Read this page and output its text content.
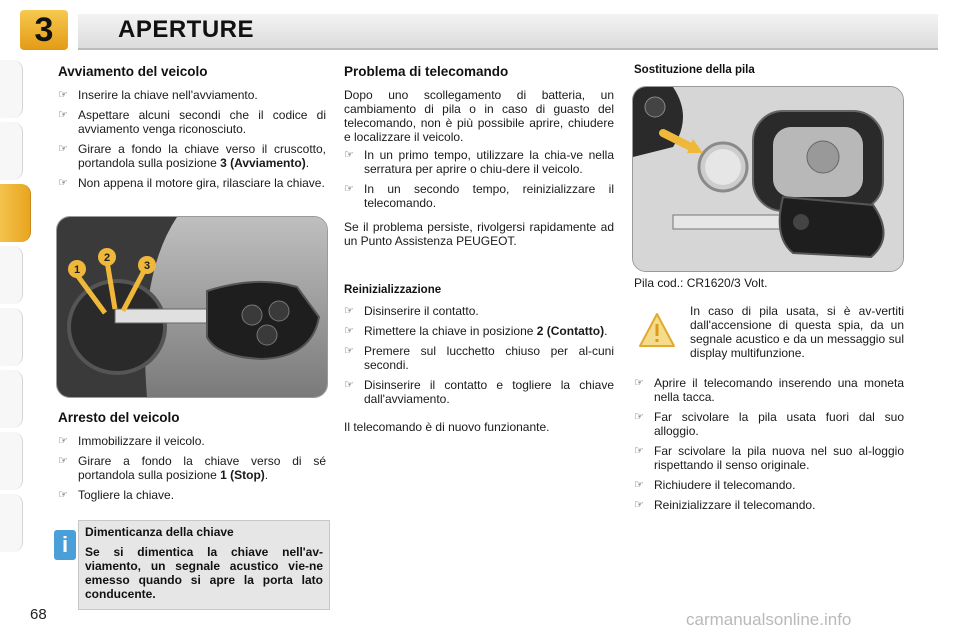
3	APERTURE
Avviamento del veicolo
☞ Inserire la chiave nell'avviamento.
☞ Aspettare alcuni secondi che il codice di avviamento venga riconosciuto.
☞ Girare a fondo la chiave verso il cruscotto, portandola sulla posizione 3 (Avviamento).
☞ Non appena il motore gira, rilasciare la chiave.
1
2
3
Arresto del veicolo
☞ Immobilizzare il veicolo.
☞ Girare a fondo la chiave verso di sé portandola sulla posizione 1 (Stop).
☞ Togliere la chiave.
i Dimenticanza della chiave
Se si dimentica la chiave nell'av-viamento, un segnale acustico vie-ne emesso quando si apre la porta lato conducente.
Problema di telecomando

Dopo uno scollegamento di batteria, un cambiamento di pila o in caso di guasto del telecomando, non è più possibile aprire, chiudere e localizzare il veicolo.

☞ In un primo tempo, utilizzare la chia-ve nella serratura per aprire o chiu-dere il veicolo.
☞ In un secondo tempo, reinizializzare il telecomando.

Se il problema persiste, rivolgersi rapidamente ad un Punto Assistenza PEUGEOT.

Reinizializzazione
☞ Disinserire il contatto.
☞ Rimettere la chiave in posizione 2 (Contatto).
☞ Premere sul lucchetto chiuso per al-cuni secondi.
☞ Disinserire il contatto e togliere la chiave dall'avviamento.

Il telecomando è di nuovo funzionante.

Sostituzione della pila

Pila cod.: CR1620/3 Volt.

In caso di pila usata, si è av-vertiti dall'accensione di questa spia, da un segnale acustico e da un messaggio sul display multifunzione.

☞ Aprire il telecomando inserendo una moneta nella tacca.
☞ Far scivolare la pila usata fuori dal suo alloggio.
☞ Far scivolare la pila nuova nel suo al-loggio rispettando il senso originale.
☞ Richiudere il telecomando.
☞ Reinizializzare il telecomando.
68	carmanualsonline.info
